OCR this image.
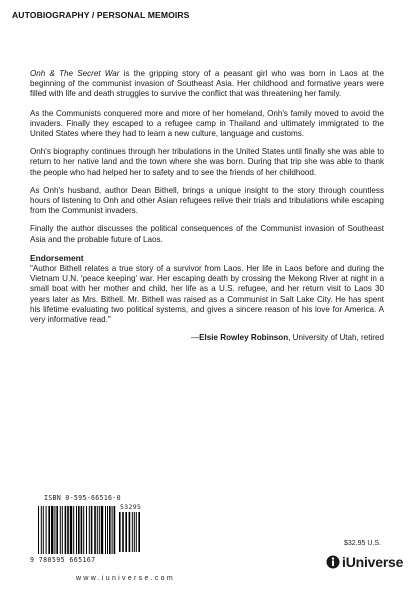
AUTOBIOGRAPHY / PERSONAL MEMOIRS

Onh & The Secret War is the gripping story of a peasant girl who was born in Laos at the beginning of the communist invasion of Southeast Asia. Her childhood and formative years were filled with life and death struggles to survive the conflict that was threatening her family.

As the Communists conquered more and more of her homeland, Onh's family moved to avoid the invaders. Finally they escaped to a refugee camp in Thailand and ultimately immigrated to the United States where they had to learn a new culture, language and customs.

Onh's biography continues through her tribulations in the United States until finally she was able to return to her native land and the town where she was born. During that trip she was able to thank the people who had helped her to safety and to see the friends of her childhood.

As Onh's husband, author Dean Bithell, brings a unique insight to the story through countless hours of listening to Onh and other Asian refugees relive their trials and tribulations while escaping from the Communist invaders.

Finally the author discusses the political consequences of the Communist invasion of Southeast Asia and the probable future of Laos.

Endorsement

"Author Bithell relates a true story of a survivor from Laos. Her life in Laos before and during the Vietnam U.N. 'peace keeping' war. Her escaping death by crossing the Mekong River at night in a small boat with her mother and child, her life as a U.S. refugee, and her return visit to Laos 30 years later as Mrs. Bithell. Mr. Bithell was raised as a Communist in Salt Lake City. He has spent his lifetime evaluating two political systems, and gives a sincere reason of his love for America. A very informative read."

—Elsie Rowley Robinson, University of Utah, retired

ISBN 0-595-66516-0
53295
9 780595 665167
$32.95 U.S.
iUniverse
www.iuniverse.com
